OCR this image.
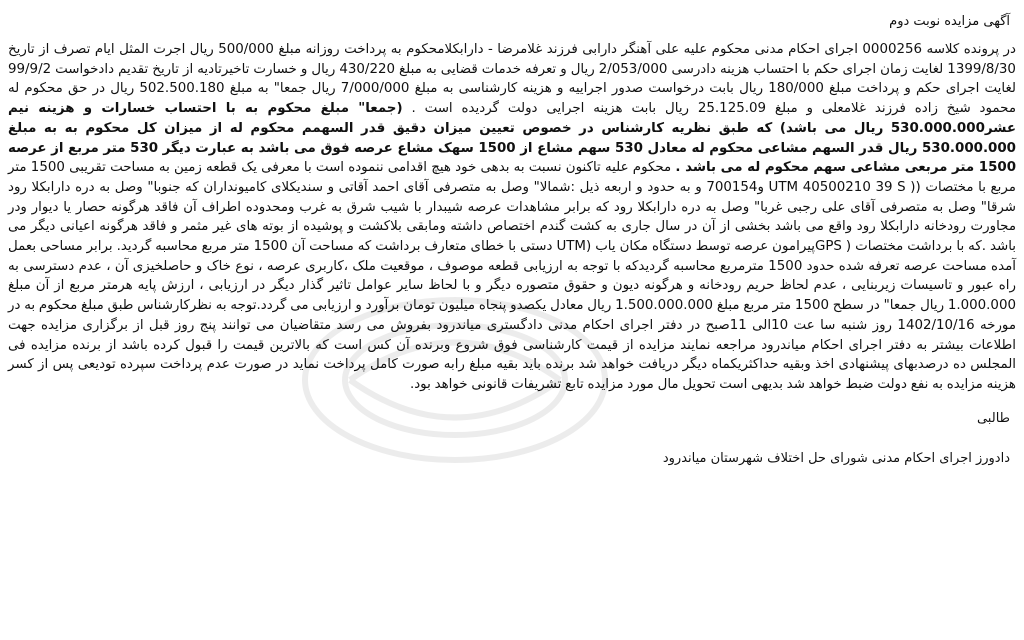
آگهی مزایده نوبت دوم

در پرونده کلاسه 0000256 اجرای احکام مدنی محکوم علیه علی آهنگر دارابی فرزند غلامرضا - دارابکلامحکوم به پرداخت روزانه مبلغ 500/000 ریال اجرت المثل ایام تصرف از تاریخ 1399/8/30 لغایت زمان اجرای حکم با احتساب هزینه دادرسی 2/053/000 ریال و تعرفه خدمات قضایی به مبلغ 430/220 ریال و خسارت تاخیرتادیه از تاریخ تقدیم دادخواست 99/9/2 لغایت اجرای حکم و پرداخت مبلغ 180/000 ریال بابت درخواست صدور اجراییه و هزینه کارشناسی به مبلغ 7/000/000 ریال جمعا" به مبلغ 502.500.180 ریال در حق محکوم له محمود شیخ زاده فرزند غلامعلی و مبلغ 25.125.09 ریال بابت هزینه اجرایی دولت گردیده است . (جمعا" مبلغ محکوم به با احتساب خسارات و هزینه نیم عشر530.000.000 ریال می باشد) که طبق نظریه کارشناس در خصوص تعیین میزان دقیق قدر السهمم محکوم له از میزان کل محکوم به به مبلغ 530.000.000 ریال قدر السهم مشاعی محکوم له معادل 530 سهم مشاع از 1500 سهک مشاع عرصه فوق می باشد به عبارت دیگر 530 متر مربع از عرصه 1500 متر مربعی مشاعی سهم محکوم له می باشد . محکوم علیه تاکنون نسبت به بدهی خود هیچ اقدامی ننموده است با معرفی یک قطعه زمین به مساحت تقریبی 1500 متر مربع با مختصات (( UTM 40500210 39 S و700154 و به حدود و اربعه ذیل :شمالا" وصل به متصرفی آقای احمد آقاتی و سندیکلای کامیونداران که جنوبا" وصل به دره دارابکلا رود شرقا" وصل به متصرفی آقای علی رجبی غربا" وصل به دره دارابکلا رود که برابر مشاهدات عرصه شیبدار با شیب شرق به غرب ومحدوده اطراف آن فاقد هرگونه حصار یا دیوار ودر مجاورت رودخانه دارابکلا رود واقع می باشد بخشی از آن در سال جاری به کشت گندم اختصاص داشته ومابقی بلاکشت و پوشیده از بوته های غیر مثمر و فاقد هرگونه اعیانی دیگر می باشد .که با برداشت مختصات ( GPSپیرامون عرصه توسط دستگاه مکان یاب (UTM دستی با خطای متعارف برداشت که مساحت آن 1500 متر مربع محاسبه گردید. برابر مساحی بعمل آمده مساحت عرصه تعرفه شده حدود 1500 مترمربع محاسبه گردیدکه با توجه به ارزیابی قطعه موصوف ، موقعیت ملک ،کاربری عرصه ، نوع خاک و حاصلخیزی آن ، عدم دسترسی به راه عبور و تاسیسات زیربنایی ، عدم لحاظ حریم رودخانه و هرگونه دیون و حقوق متصوره دیگر و با لحاظ سایر عوامل تاثیر گذار دیگر در ارزیابی ، ارزش پایه هرمتر مربع از آن مبلغ 1.000.000 ریال جمعا" در سطح 1500 متر مربع مبلغ 1.500.000.000 ریال معادل یکصدو پنجاه میلیون تومان برآورد و ارزیابی می گردد.توجه به نظرکارشناس طبق مبلغ محکوم به در مورخه 1402/10/16 روز شنبه سا عت 10الی 11صبح در دفتر اجرای احکام مدنی دادگستری میاندرود بفروش می رسد متقاضیان می توانند پنج روز قبل از برگزاری مزایده جهت اطلاعات بیشتر به دفتر اجرای احکام میاندرود مراجعه نمایند مزایده از قیمت کارشناسی فوق شروع وبرنده آن کس است که بالاترین قیمت را قبول کرده باشد از برنده مزایده فی المجلس ده درصدبهای پیشنهادی اخذ وبقیه حداکثریکماه دیگر دریافت خواهد شد برنده باید بقیه مبلغ رابه صورت کامل پرداخت نماید در صورت عدم پرداخت سپرده تودیعی پس از کسر هزینه مزایده به نفع دولت ضبط خواهد شد بدیهی است تحویل مال مورد مزایده تابع تشریفات قانونی خواهد بود.

طالبی
دادورز اجرای احکام مدنی شورای حل اختلاف شهرستان میاندرود
